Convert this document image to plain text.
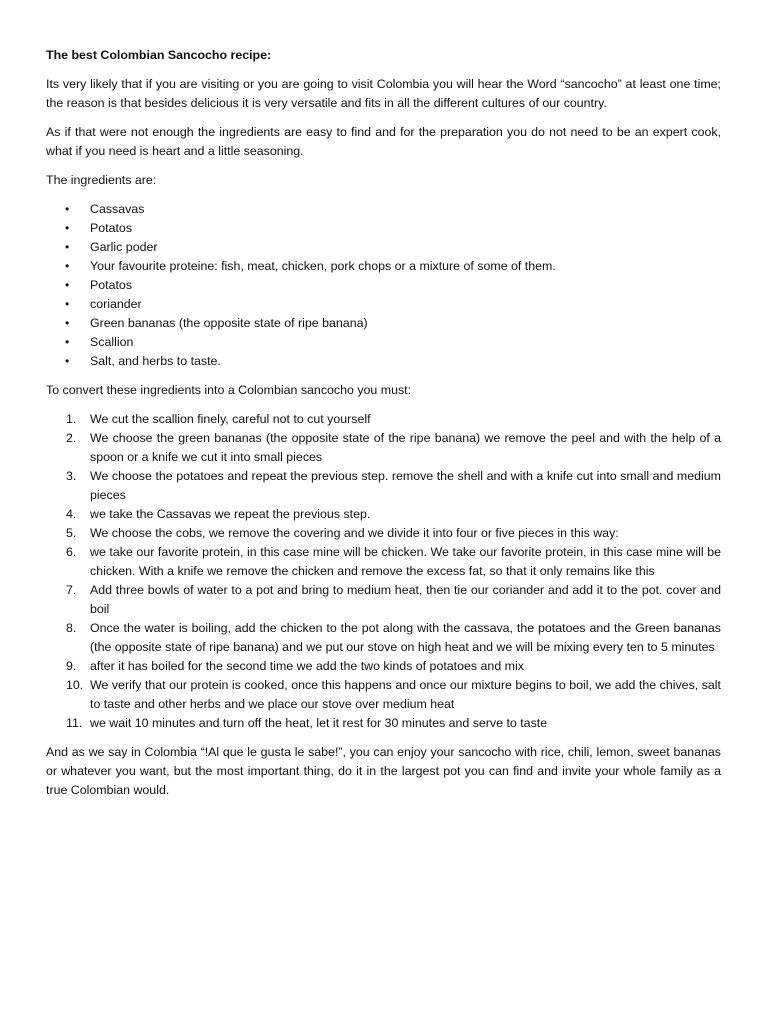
The best Colombian Sancocho recipe:

Its very likely that if you are visiting or you are going to visit Colombia you will hear the Word “sancocho” at least one time; the reason is that besides delicious it is very versatile and fits in all the different cultures of our country.

As if that were not enough the ingredients are easy to find and for the preparation you do not need to be an expert cook, what if you need is heart and a little seasoning.

The ingredients are:

• Cassavas
• Potatos
• Garlic poder
• Your favourite proteine: fish, meat, chicken, pork chops or a mixture of some of them.
• Potatos
• coriander
• Green bananas (the opposite state of ripe banana)
• Scallion
• Salt, and herbs to taste.

To convert these ingredients into a Colombian sancocho you must:

1. We cut the scallion finely, careful not to cut yourself
2. We choose the green bananas (the opposite state of the ripe banana) we remove the peel and with the help of a spoon or a knife we cut it into small pieces
3. We choose the potatoes and repeat the previous step. remove the shell and with a knife cut into small and medium pieces
4. we take the Cassavas we repeat the previous step.
5. We choose the cobs, we remove the covering and we divide it into four or five pieces in this way:
6. we take our favorite protein, in this case mine will be chicken. We take our favorite protein, in this case mine will be chicken. With a knife we remove the chicken and remove the excess fat, so that it only remains like this
7. Add three bowls of water to a pot and bring to medium heat, then tie our coriander and add it to the pot. cover and boil
8. Once the water is boiling, add the chicken to the pot along with the cassava, the potatoes and the Green bananas (the opposite state of ripe banana) and we put our stove on high heat and we will be mixing every ten to 5 minutes
9. after it has boiled for the second time we add the two kinds of potatoes and mix
10. We verify that our protein is cooked, once this happens and once our mixture begins to boil, we add the chives, salt to taste and other herbs and we place our stove over medium heat
11. we wait 10 minutes and turn off the heat, let it rest for 30 minutes and serve to taste

And as we say in Colombia “!Al que le gusta le sabe!”, you can enjoy your sancocho with rice, chili, lemon, sweet bananas or whatever you want, but the most important thing, do it in the largest pot you can find and invite your whole family as a true Colombian would.
